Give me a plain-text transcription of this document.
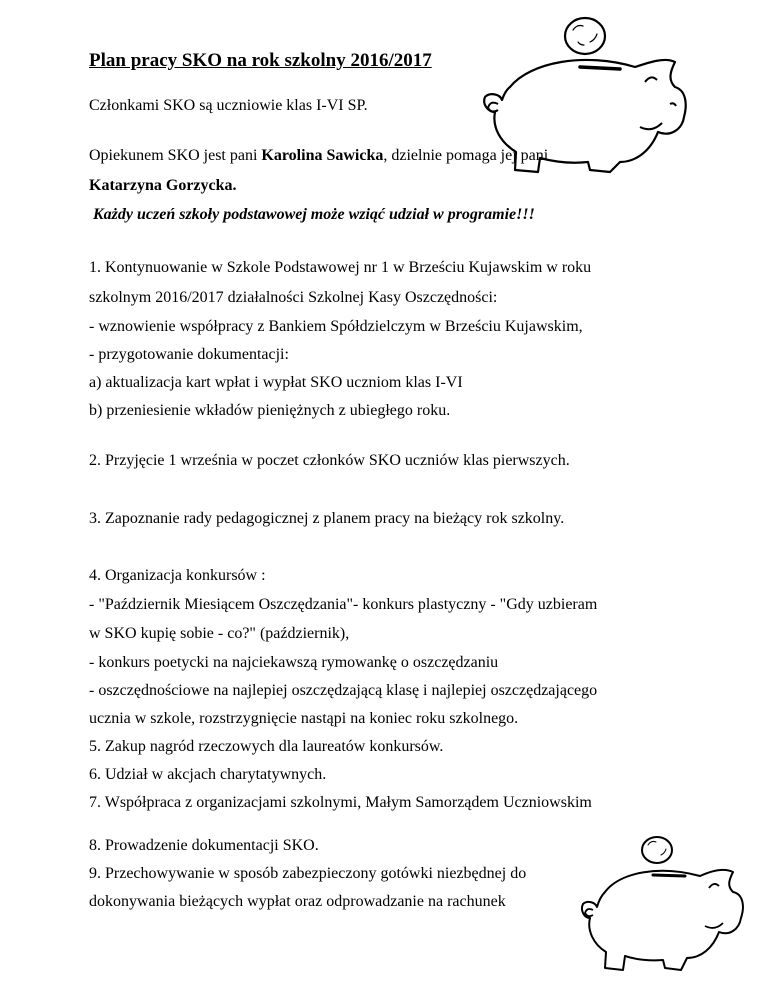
Plan pracy SKO na rok szkolny 2016/2017
Członkami SKO są uczniowie klas I-VI SP.
Opiekunem SKO jest pani Karolina Sawicka, dzielnie pomaga jej pani
Katarzyna Gorzycka.
Każdy uczeń szkoły podstawowej może wziąć udział w programie!!!
1. Kontynuowanie w Szkole Podstawowej nr 1 w Brześciu Kujawskim w roku
szkolnym 2016/2017 działalności Szkolnej Kasy Oszczędności:
- wznowienie współpracy z Bankiem Spółdzielczym w Brześciu Kujawskim,
- przygotowanie dokumentacji:
a) aktualizacja kart wpłat i wypłat SKO uczniom klas I-VI
b) przeniesienie wkładów pieniężnych z ubiegłego roku.
2. Przyjęcie 1 września w poczet członków SKO uczniów klas pierwszych.
3. Zapoznanie rady pedagogicznej z planem pracy na bieżący rok szkolny.
4. Organizacja konkursów :
- "Październik Miesiącem Oszczędzania"- konkurs plastyczny - "Gdy uzbieram
w SKO kupię sobie - co?" (październik),
- konkurs poetycki na najciekawszą rymowankę o oszczędzaniu
- oszczędnościowe na najlepiej oszczędzającą klasę i najlepiej oszczędzającego
ucznia w szkole, rozstrzygnięcie nastąpi na koniec roku szkolnego.
5. Zakup nagród rzeczowych dla laureatów konkursów.
6. Udział w akcjach charytatywnych.
7. Współpraca z organizacjami szkolnymi, Małym Samorządem Uczniowskim
8. Prowadzenie dokumentacji SKO.
9. Przechowywanie w sposób zabezpieczony gotówki niezbędnej do
dokonywania bieżących wypłat oraz odprowadzanie na rachunek
